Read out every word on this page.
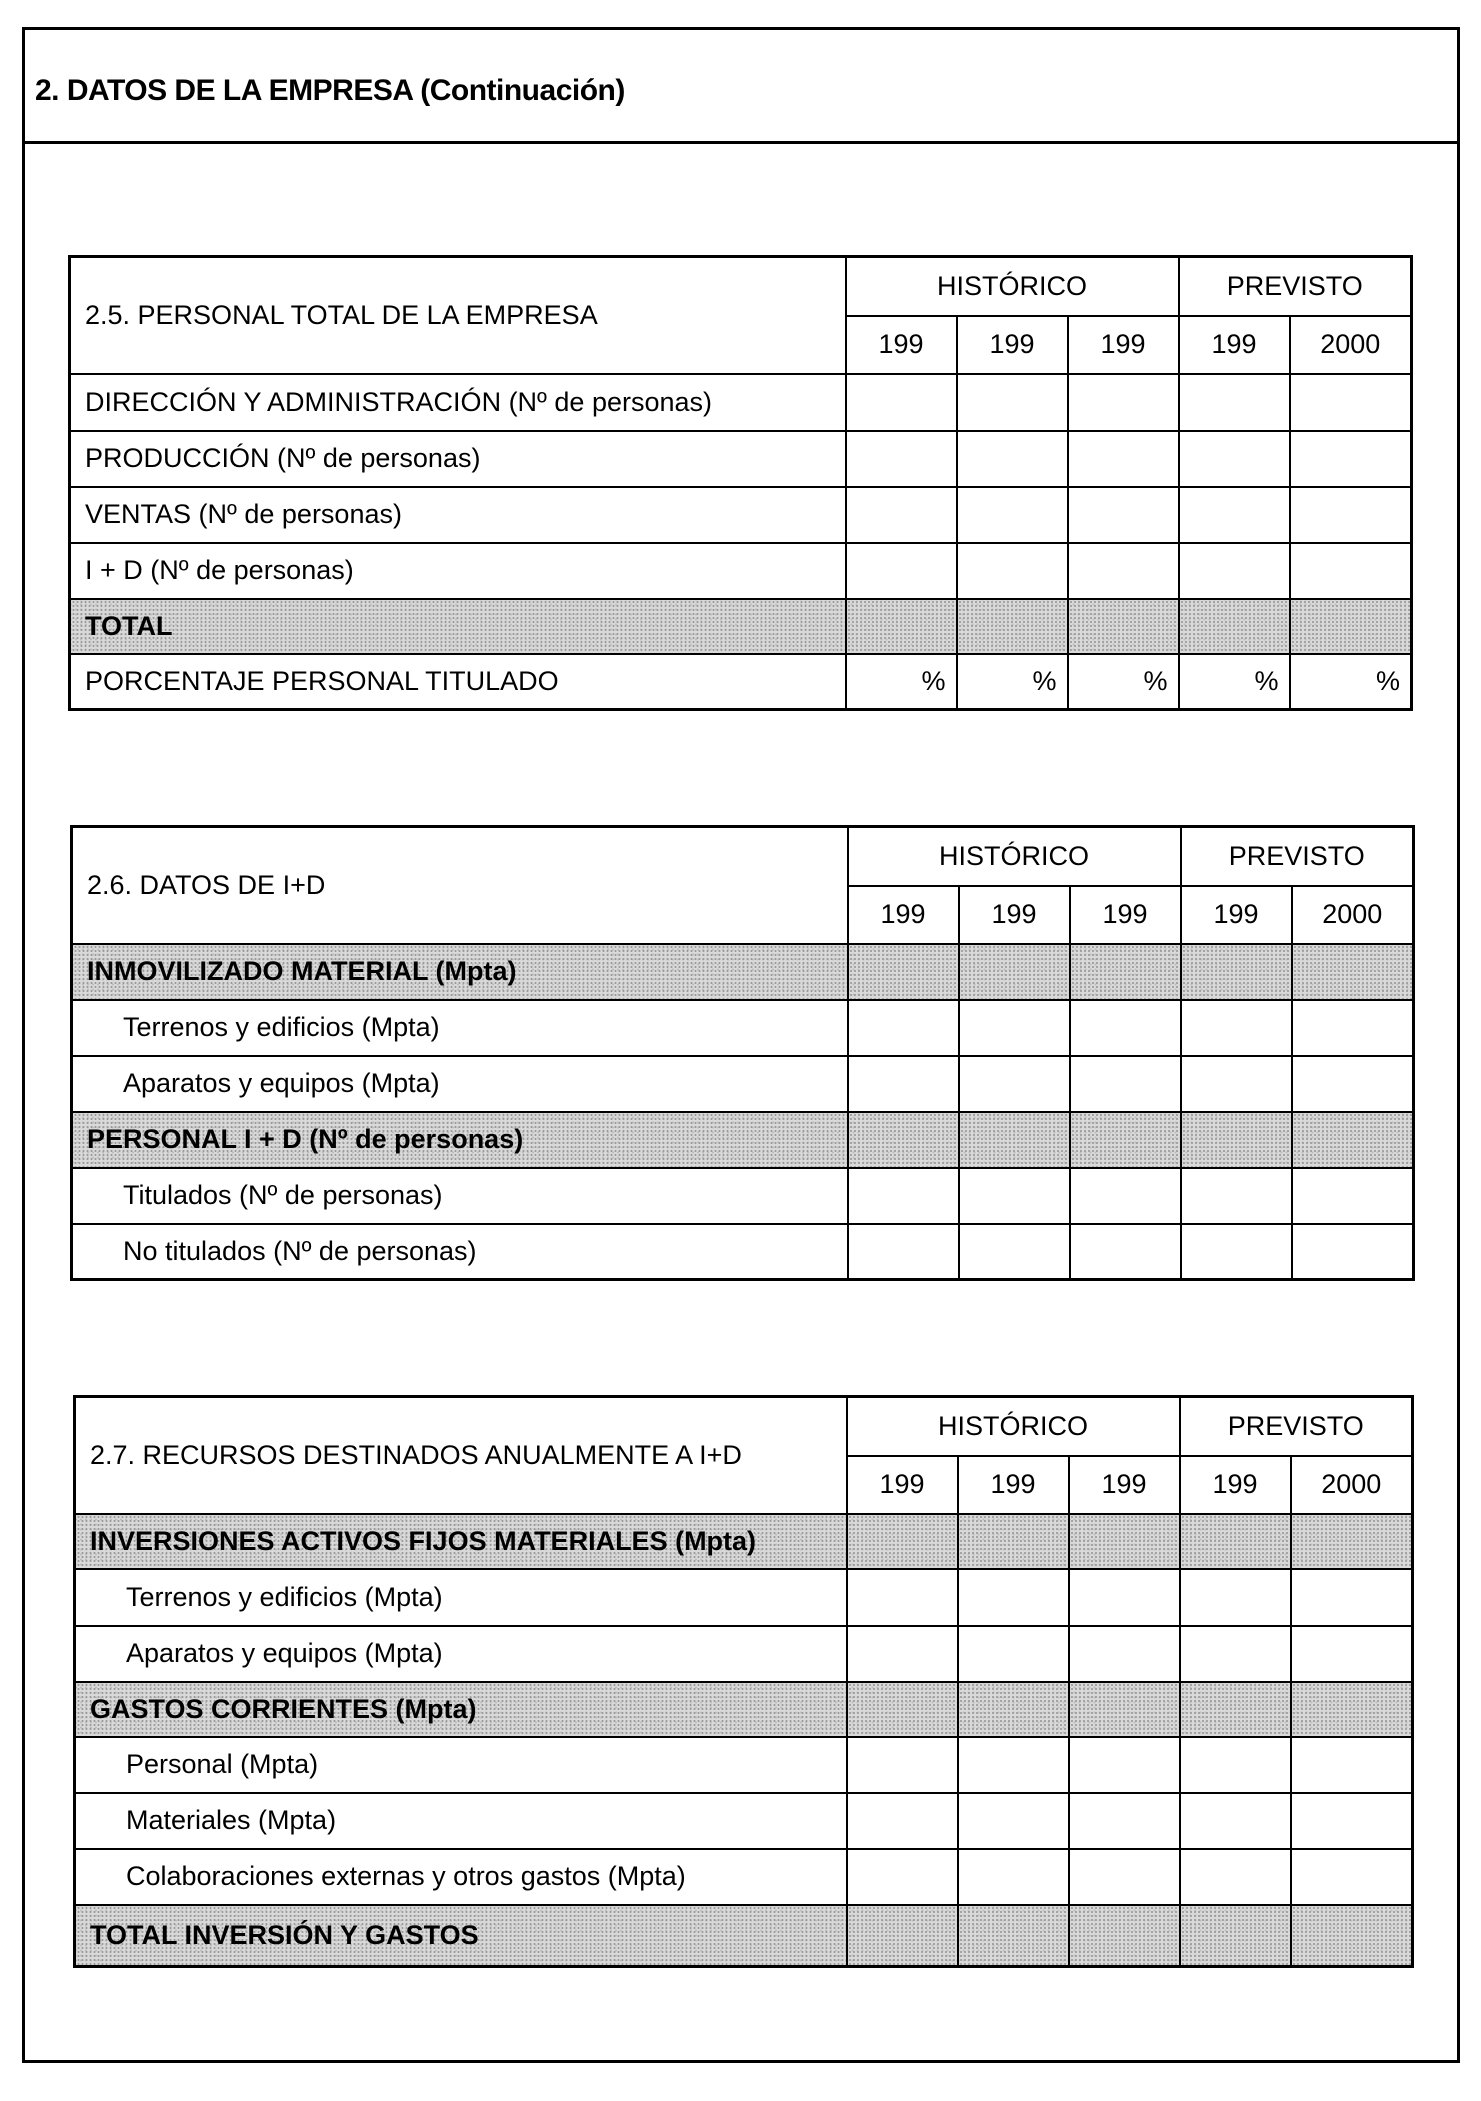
2. DATOS DE LA EMPRESA (Continuación)
2.5. PERSONAL TOTAL DE LA EMPRESA	HISTÓRICO			PREVISTO	
	199	199	199	199	2000
DIRECCIÓN Y ADMINISTRACIÓN (Nº de personas)					
PRODUCCIÓN (Nº de personas)					
VENTAS (Nº de personas)					
I + D (Nº de personas)					
TOTAL					
PORCENTAJE PERSONAL TITULADO	%	%	%	%	%
2.6. DATOS DE I+D	HISTÓRICO			PREVISTO	
	199	199	199	199	2000
INMOVILIZADO MATERIAL (Mpta)					
Terrenos y edificios (Mpta)					
Aparatos y equipos (Mpta)					
PERSONAL I + D (Nº de personas)					
Titulados (Nº de personas)					
No titulados (Nº de personas)					
2.7. RECURSOS DESTINADOS ANUALMENTE A I+D	HISTÓRICO			PREVISTO	
	199	199	199	199	2000
INVERSIONES ACTIVOS FIJOS MATERIALES (Mpta)					
Terrenos y edificios (Mpta)					
Aparatos y equipos (Mpta)					
GASTOS CORRIENTES (Mpta)					
Personal (Mpta)					
Materiales (Mpta)					
Colaboraciones externas y otros gastos (Mpta)					
TOTAL INVERSIÓN Y GASTOS					
